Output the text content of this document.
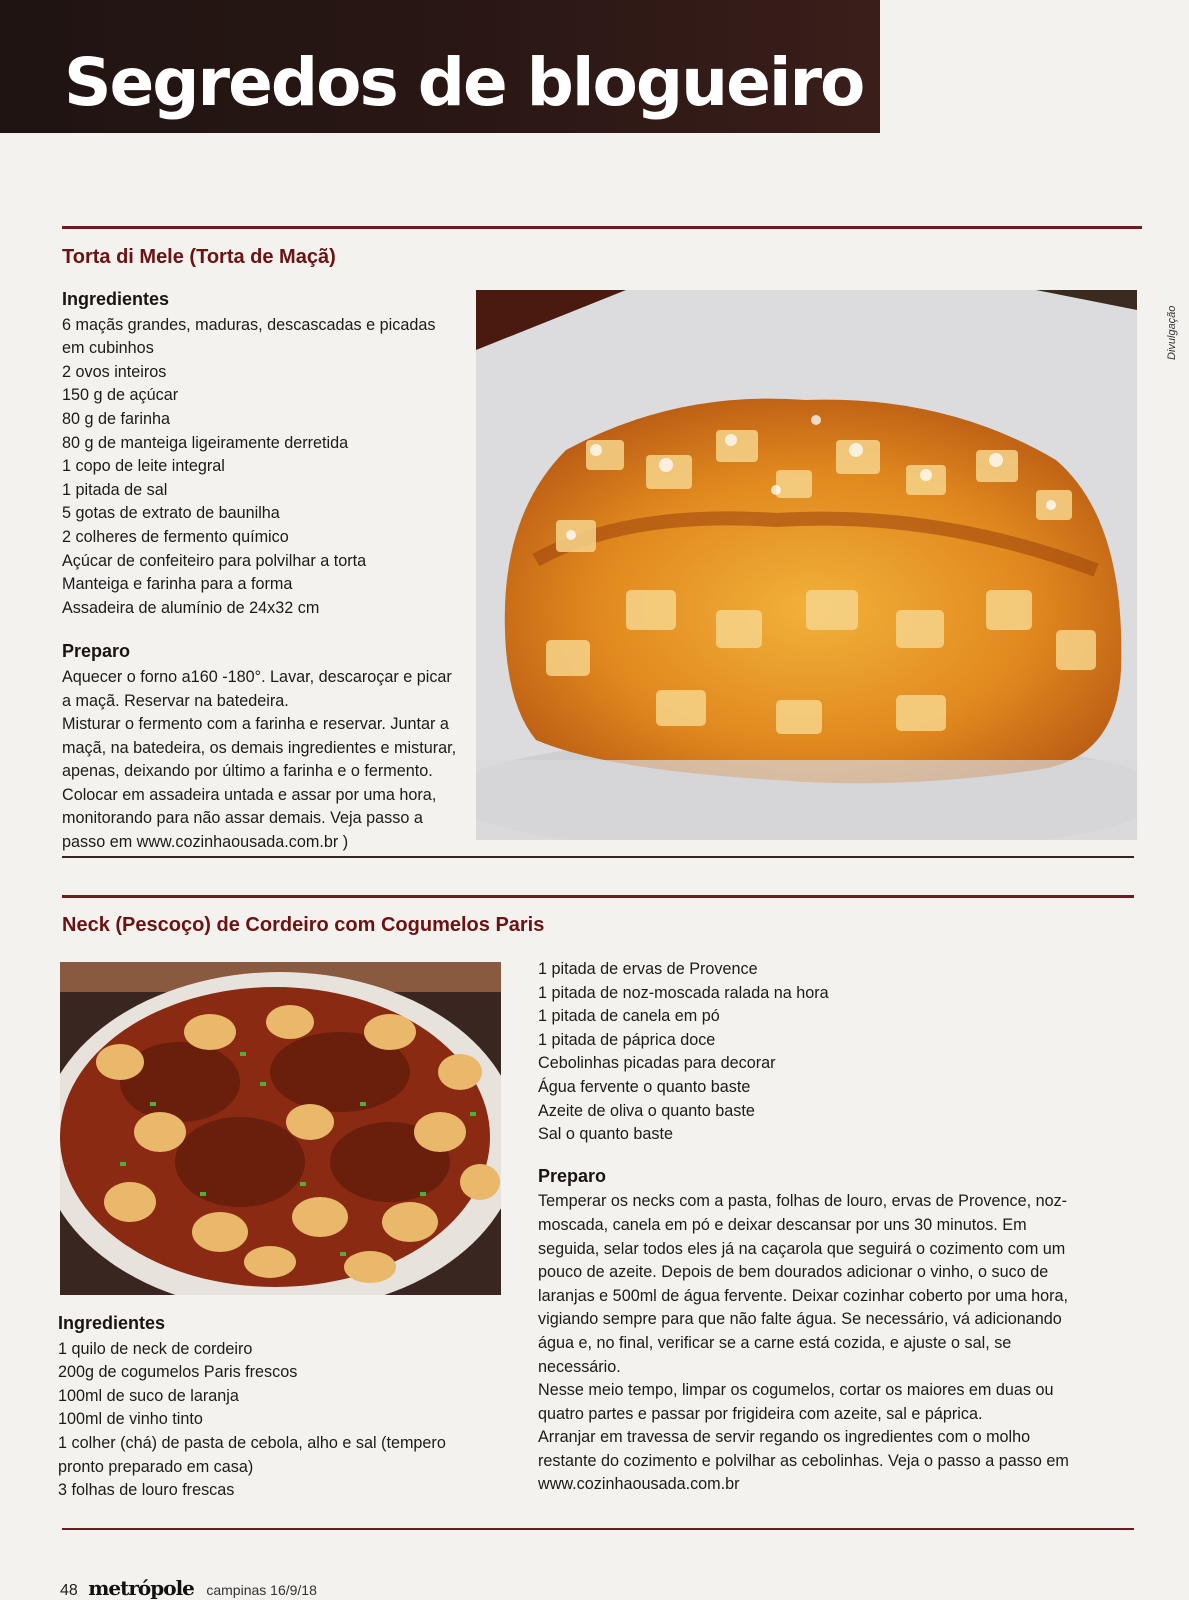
Segredos de blogueiro
Torta di Mele (Torta de Maçã)
Ingredientes
6 maçãs grandes, maduras, descascadas e picadas em cubinhos
2 ovos inteiros
150 g de açúcar
80 g de farinha
80 g de manteiga ligeiramente derretida
1 copo de leite integral
1 pitada de sal
5 gotas de extrato de baunilha
2 colheres de fermento químico
Açúcar de confeiteiro para polvilhar a torta
Manteiga e farinha para a forma
Assadeira de alumínio de 24x32 cm
Preparo

Aquecer o forno a160 -180°. Lavar, descaroçar e picar a maçã. Reservar na batedeira.

Misturar o fermento com a farinha e reservar. Juntar a maçã, na batedeira, os demais ingredientes e misturar, apenas, deixando por último a farinha e o fermento. Colocar em assadeira untada e assar por uma hora, monitorando para não assar demais. Veja passo a passo em www.cozinhaousada.com.br )

Divulgação
Neck (Pescoço) de Cordeiro com Cogumelos Paris
Ingredientes
1 quilo de neck de cordeiro
200g de cogumelos Paris frescos
100ml de suco de laranja
100ml de vinho tinto
1 colher (chá) de pasta de cebola, alho e sal (tempero pronto preparado em casa)
3 folhas de louro frescas
1 pitada de ervas de Provence
1 pitada de noz-moscada ralada na hora
1 pitada de canela em pó
1 pitada de páprica doce
Cebolinhas picadas para decorar
Água fervente o quanto baste
Azeite de oliva o quanto baste
Sal o quanto baste
Preparo

Temperar os necks com a pasta, folhas de louro, ervas de Provence, noz-moscada, canela em pó e deixar descansar por uns 30 minutos. Em seguida, selar todos eles já na caçarola que seguirá o cozimento com um pouco de azeite. Depois de bem dourados adicionar o vinho, o suco de laranjas e 500ml de água fervente. Deixar cozinhar coberto por uma hora, vigiando sempre para que não falte água. Se necessário, vá adicionando água e, no final, verificar se a carne está cozida, e ajuste o sal, se necessário.

Nesse meio tempo, limpar os cogumelos, cortar os maiores em duas ou quatro partes e passar por frigideira com azeite, sal e páprica.

Arranjar em travessa de servir regando os ingredientes com o molho restante do cozimento e polvilhar as cebolinhas. Veja o passo a passo em www.cozinhaousada.com.br

48 metrópole campinas 16/9/18
